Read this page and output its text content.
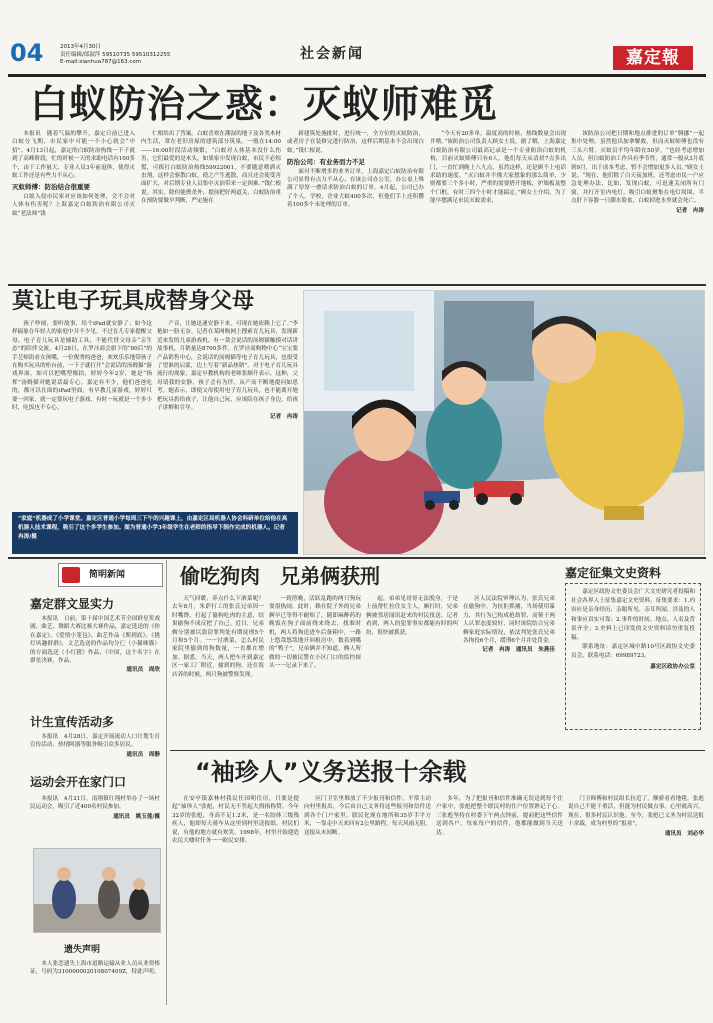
04	2013年4月30日
责任编辑/郎淑萍 59510735 59510312255
E-mail:xianhua787@163.com	社会新闻	嘉定報
白蚁防治之惑：灭蚁师难觅

本报讯　随着气温的攀升，嘉定日前已进入白蚁分飞期，市民家中可能一不小心就会“中招”。4月13日起，嘉定的白蚁防治热线一下子就到了高峰阶段，忙的时候一天的求助电话有100多个，由于工作量大，专业人员3年前退休，使得灭蚁工作还是有些力不从心。

灭蚁师傅：防治结合很重要

白蚁入侵市民家对应该如何处理，会不会对人体有伤害呢？上海嘉定白蚁防治有限公司灭蚁“老法师”钱

仁根给出了答案。白蚁喜欢在潮湿的地下及各类木材内生活，常在老旧房屋的建筑部分筑巢。一般在14:00——16:00时段活动频繁，“白蚁对人体基本没什么伤害，它们最爱的是木头，如果家中发现白蚁，市民不必惊慌，可拨打白蚁防治热线59922061，不要随意喷洒灭虫剂，这样会驱散白蚁，使之产生逃散，而且还会使受害面扩大，对后期专业人员集中灭治带来一定困难。”钱仁根说。其实，除但能熏杀外，提前把好两道关，白蚁防治重在预防要做早判断，严定施在

新建筑处施批时，进行统一，全方位的灭蚁防治，或者房子在装修完进行防治，这样后期基本不会出现白蚁。”钱仁根说。

防治公司：有业务而力不足

面对不断增多的业务订单，上海嘉定白蚁防治有限公司显得有点力不从心。在该公司办公室，办公桌上堆满了厚厚一叠请求防治白蚁的订单。4月起，公司已办了个人，学校，企业大蚁400多次，但他们手上还积攒着100多个未处理的订单。

“今天有20多单，温度高的时候，热线数量会出现井喷。”该防治公司负责人顾女士说，据了解，上海嘉定白蚁防治有限公司最高记录是一个专业防治白蚁的机构，目前灭蚁师傅只有6人，他们每天从清晨7点多出门，一直忙到晚上八九点，虽然这样，还是顾不上电话求助的速度。“灭白蚁并不像大家想象的那么简单，少则都要三个多小时，严重的需要搭开地板，护墙板及整个门框，有时三四个小时才能搞定。”顾女士介绍。为了能早摆满足市民灭蚁需求，

该防治公司把日期和地点排进的订单“腾挪”一起集中处理。虽然他出加拿解救，但而灭蚁师傅也没有三头六臂。灭蚁员平均年龄在50岁，“也经考虑增加人员，但白蚁防治工作具有季节性，通常一般从3月底到9月，出于成本考虑，暂不会增加更多人员。”顾女士说。“现在，他们除了白天夜加班，还考虑市民一户应急处理办法，比如，发现白蚁，可迅速关闭所有门窗，并打开室内电灯，吸引白蚁聚集在电灯周围，半点肝下容器一只潮水脸盆，白蚁掉进水里就会死亡。

记者　冉涛
莫让电子玩具成替身父母

孩子吵闹，要听故事，给个iPad就安静了；如今这样搞象在年轻人的家庭中并不少见。不过育儿专家提醒父母，电子育儿玩具是辅助工具，不能代替父母亲“亲生态”的陪伴交流。4月28日，在罗泾商会旗下的“80后”的手艺师街看女孩嘴，一位俊秀的爸爸，欢欢乐乐地带孩子在购买玩具的柜台前，一下子就打开“会说话的汤姆猫”游戏界面，如可以把嘴型像拍，婷婷今年2岁，她是“指挥”汤姆猫对她说话最专心。嘉定有不少，他们爸爸吃的，都可以在面的iPad里面，有早教儿童游戏，婷婷只要一回家，就一定要玩电子游戏，有时一玩就是一个多小时，吃饭也不专心。

产音，让她迅速安静下来，可现在她依赖上它了。”李艳如一脸无奈。记者在某网购网上搜索育儿玩具，发现新近来发的儿童游戏机、有一款会说话的汤姆猫触摸对话讲故事机，月销量达8700多件。在罗泾商购物中心“宝宝要产品销售中心，会说话的汤姆猫等电子育儿玩具，也很受了望谁的启蒙，边上写着“新品热销”。对于电子育儿玩具流行的现象，嘉定早教机构的老师张顺升表示，这种，父母请我的安静，孩子会有为伴，从产而不断地提问如思考。她表示，即使父母使用电子育儿玩具，也不能离开地把玩具扔给孩子，让他自己玩，应该陪在孩子身边，给孩子讲解和引导。

记者　冉涛
“家庭”机器成了小学课堂。嘉定区普通小学每周三下午的兴趣课上，由嘉定区局机器人协会科研单位给他在高机器人技术课程，吸引了这个多学生参加。图为普通小学3年级学生在老师的指导下制作完成的机器人。记者 冉涛/摄
简明新闻
嘉定群文显实力

本报讯　日前，第十届中国艺术节全国群星奖戏剧、曲艺、舞蹈大赛比赛大赛作品，嘉定选送的《你在嘉定》、《爱情小笼包》、曲艺作品《斯到底》、《挑灯风趣群群》，文艺选送的作品均分仨（小猫咪猫）的方面选送（小红猪》作品，《中国，这个名字》在群星决赛，作品。

通讯员　周欣
计生宣传活动多

本报讯　4月28日，嘉定开展流动人口计划生育宣传活动，热情阿器等服务吸引众多居民。

通讯员　周静
运动会开在家门口

本报讯　4月21日，南翔镇红翔村举办了一场村民运动会，吸引了近400名村民参加。

通讯员　姚玉莲/摄
遗失声明

本人张恋遗失上海市道路运输从业人员从业资格证，号码为310000002010807409Z，特此声明。

偷吃狗肉　兄弟俩获刑

天气回暖，养点什么下酒菜呢？去年8月，朱萨打工的张氏兄弟因一时嘴馋，打起了偷狗吃肉的主意，结果偷狗不成反把了自己。近日，兄弟俩分别被以盗窃罪判处有期徒刑5个月和5个月。一一讨酒菜，怎么村民家院里偷到的狗数量，一直都在增加。据悉，当天，两人把车开到嘉定区一家工厂附近，偷到的狗，还在饭店养的时候，两只狗被警察发现。

一到傍晚，活跃乱跑的两只狗玩耍很热闹。此时，赖在院子外的兄弟俩早已等得不耐烦了，随即麻醉药的晚饭在狗子面前绕来绕去，找准时机，两人将狗送进车后备箱中，一路上悠哉悠哉地开回租房中。数着到嘴的“鸭子”，兄弟俩并不知道，俩人所做的一切被民警在小区门口的监控探头一一记录下来了。

起，弟弟见哥哥无法脱身，于是上前帮忙拉住女主人，厮打时，兄弟俩被邻居闻讯赶来的村民扭送。记者看到，两人的犯罪事实都能有时的纠纷，很快被抓获。

区人民法院审理认为，张氏兄弟在偷狗中，为抗拒抓捕，当场使用暴力，其行为已构成抢劫罪，而鉴于两人认罪态度较好，同时该院结合兄弟俩家庭实际情况，依法判处张氏兄弟各拘役6个月，缓刑6个月并处罚金。

记者　冉涛　通讯员　朱燕佳
嘉定征集文史资料

嘉定区政协文史委员会广大文史研究者投稿和社会各界人士征集嘉定文史资料。征集要求：1.内容应是亲身经历、亲眼所见、亲耳所闻，涉及的人和事应真实可靠；2.事件的时间、地点、人名及背景齐全；3.史料上已印发的文史资料请勿重复投稿。

联系地址：嘉定区城中路10号区政协文史委员会，联系电话：69989723。

嘉定区政协办公室
“袖珍人”义务送报十余载

在安亭镇嘉林村我民任国明住房，只要是提起“袖珍人”张彪，村民无不竖起大拇指称赞。今年32岁的张彪，身高不足1.2米，是一名胶体三级残疾人，他却每天骑车从这里到村里送报纸。村民们说，有他的地方就有欢笑。1998年，村里开始建造农民大楼时任务一一欧民安排。

区门卫室里堆放了不少报刊和信件，平常主动向村里报出，今后由自己义务将这些报刊和信件送到各个门户家里。联民化现在地所和35岁手平方米，一靠走中天来回有2公里路程，每天风雨无阻，送报从未间断。

多年，为了把报刊和信件准确无误送到每个住户家中，张彪把整个联民村的住户位置熟记于心。三张彪坚持在村委下午两点钟前，提前把这些信件送到各户。每家每户的信件，他都能做到当天送达。

门卫师傅和村民组长拉近了，额骄看看地毯。张彪说自己不能干重活，但能为村民做点事，心里就高兴。现在，很多村民认识他。至今，张彪已义务为村民送报十余载，成为村里的“报童”。

通讯员　刘必华
